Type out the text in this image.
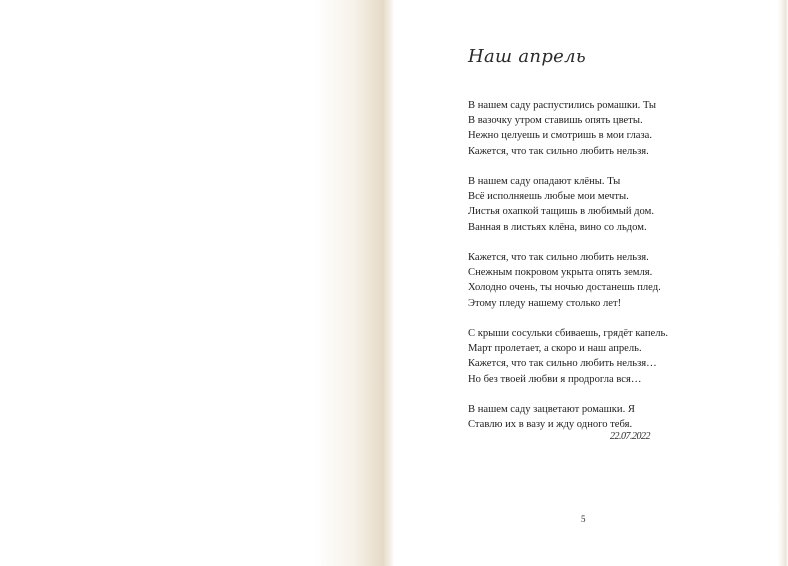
Наш апрель
В нашем саду распустились ромашки. Ты
В вазочку утром ставишь опять цветы.
Нежно целуешь и смотришь в мои глаза.
Кажется, что так сильно любить нельзя.
В нашем саду опадают клёны. Ты
Всё исполняешь любые мои мечты.
Листья охапкой тащишь в любимый дом.
Ванная в листьях клёна, вино со льдом.
Кажется, что так сильно любить нельзя.
Снежным покровом укрыта опять земля.
Холодно очень, ты ночью достанешь плед.
Этому пледу нашему столько лет!
С крыши сосульки сбиваешь, грядёт капель.
Март пролетает, а скоро и наш апрель.
Кажется, что так сильно любить нельзя…
Но без твоей любви я продрогла вся…
В нашем саду зацветают ромашки. Я
Ставлю их в вазу и жду одного тебя.
22.07.2022
5
